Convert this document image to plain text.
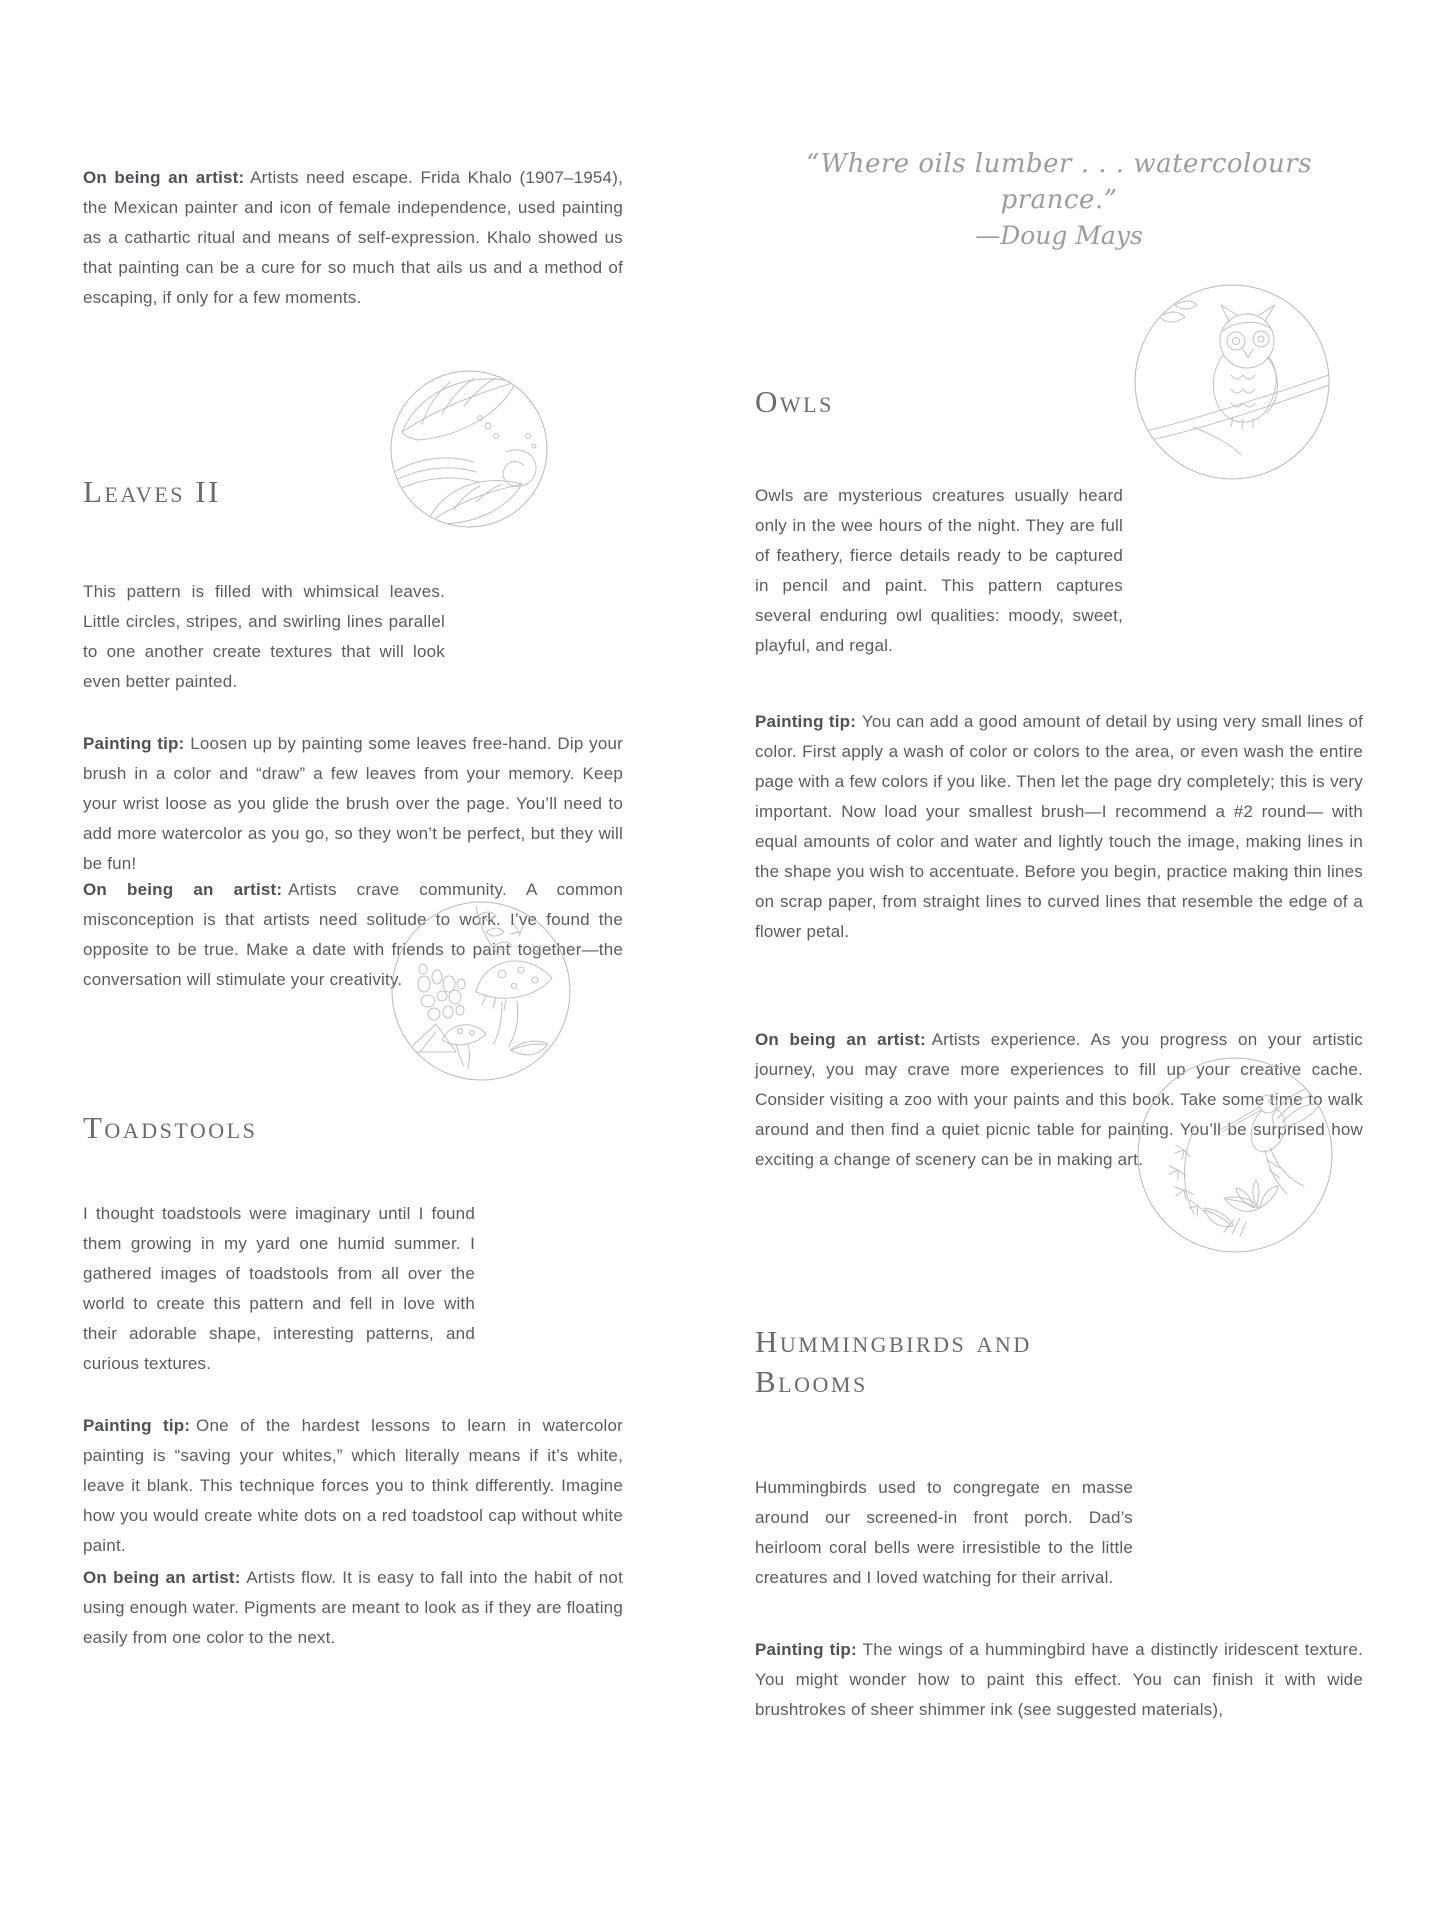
On being an artist: Artists need escape. Frida Khalo (1907–1954), the Mexican painter and icon of female independence, used painting as a cathartic ritual and means of self-expression. Khalo showed us that painting can be a cure for so much that ails us and a method of escaping, if only for a few moments.

Leaves II

This pattern is filled with whimsical leaves. Little circles, stripes, and swirling lines parallel to one another create textures that will look even better painted.

Painting tip: Loosen up by painting some leaves free-hand. Dip your brush in a color and “draw” a few leaves from your memory. Keep your wrist loose as you glide the brush over the page. You’ll need to add more watercolor as you go, so they won’t be perfect, but they will be fun!

On being an artist: Artists crave community. A common misconception is that artists need solitude to work. I’ve found the opposite to be true. Make a date with friends to paint together—the conversation will stimulate your creativity.

Toadstools

I thought toadstools were imaginary until I found them growing in my yard one humid summer. I gathered images of toadstools from all over the world to create this pattern and fell in love with their adorable shape, interesting patterns, and curious textures.

Painting tip: One of the hardest lessons to learn in watercolor painting is “saving your whites,” which literally means if it’s white, leave it blank. This technique forces you to think differently. Imagine how you would create white dots on a red toadstool cap without white paint.

On being an artist: Artists flow. It is easy to fall into the habit of not using enough water. Pigments are meant to look as if they are floating easily from one color to the next.

“Where oils lumber . . . watercolours prance.”
—Doug Mays
Owls

Owls are mysterious creatures usually heard only in the wee hours of the night. They are full of feathery, fierce details ready to be captured in pencil and paint. This pattern captures several enduring owl qualities: moody, sweet, playful, and regal.

Painting tip: You can add a good amount of detail by using very small lines of color. First apply a wash of color or colors to the area, or even wash the entire page with a few colors if you like. Then let the page dry completely; this is very important. Now load your smallest brush—I recommend a #2 round— with equal amounts of color and water and lightly touch the image, making lines in the shape you wish to accentuate. Before you begin, practice making thin lines on scrap paper, from straight lines to curved lines that resemble the edge of a flower petal.

On being an artist: Artists experience. As you progress on your artistic journey, you may crave more experiences to fill up your creative cache. Consider visiting a zoo with your paints and this book. Take some time to walk around and then find a quiet picnic table for painting. You’ll be surprised how exciting a change of scenery can be in making art.

Hummingbirds and Blooms

Hummingbirds used to congregate en masse around our screened-in front porch. Dad’s heirloom coral bells were irresistible to the little creatures and I loved watching for their arrival.

Painting tip: The wings of a hummingbird have a distinctly iridescent texture. You might wonder how to paint this effect. You can finish it with wide brushtrokes of sheer shimmer ink (see suggested materials),
